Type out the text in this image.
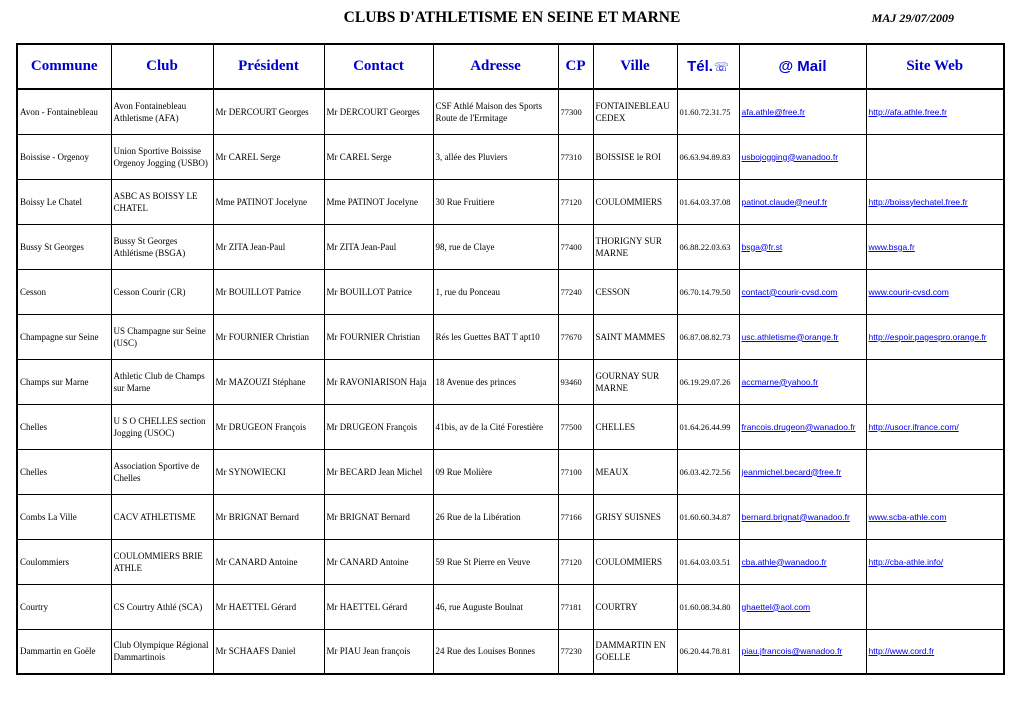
CLUBS D'ATHLETISME EN SEINE ET MARNE	MAJ 29/07/2009
Commune	Club	Président	Contact	Adresse	CP	Ville	Tél.☏	@ Mail	Site Web
Avon - Fontainebleau	Avon Fontainebleau Athletisme (AFA)	Mr DERCOURT Georges	Mr DERCOURT Georges	CSF Athlé Maison des Sports Route de l'Ermitage	77300	FONTAINEBLEAU CEDEX	01.60.72.31.75	afa.athle@free.fr	http://afa.athle.free.fr
Boissise - Orgenoy	Union Sportive Boissise Orgenoy Jogging (USBO)	Mr CAREL Serge	Mr CAREL Serge	3, allée des Pluviers	77310	BOISSISE le ROI	06.63.94.89.83	usbojogging@wanadoo.fr	
Boissy Le Chatel	ASBC AS BOISSY LE CHATEL	Mme PATINOT Jocelyne	Mme PATINOT Jocelyne	30 Rue Fruitiere	77120	COULOMMIERS	01.64.03.37.08	patinot.claude@neuf.fr	http://boissylechatel.free.fr
Bussy St Georges	Bussy St Georges Athlétisme (BSGA)	Mr ZITA Jean-Paul	Mr ZITA Jean-Paul	98, rue de Claye	77400	THORIGNY SUR MARNE	06.88.22.03.63	bsga@fr.st	www.bsga.fr
Cesson	Cesson Courir (CR)	Mr BOUILLOT Patrice	Mr BOUILLOT Patrice	1, rue du Ponceau	77240	CESSON	06.70.14.79.50	contact@courir-cvsd.com	www.courir-cvsd.com
Champagne sur Seine	US Champagne sur Seine (USC)	Mr FOURNIER Christian	Mr FOURNIER Christian	Rés les Guettes BAT T apt10	77670	SAINT MAMMES	06.87.08.82.73	usc.athletisme@orange.fr	http://espoir.pagespro.orange.fr
Champs sur Marne	Athletic Club de Champs sur Marne	Mr MAZOUZI Stéphane	Mr RAVONIARISON Haja	18 Avenue des princes	93460	GOURNAY SUR MARNE	06.19.29.07.26	accmarne@yahoo.fr	
Chelles	U S O CHELLES section Jogging (USOC)	Mr DRUGEON François	Mr DRUGEON François	41bis, av de la Cité Forestière	77500	CHELLES	01.64.26.44.99	francois.drugeon@wanadoo.fr	http://usocr.ifrance.com/
Chelles	Association Sportive de Chelles	Mr SYNOWIECKI	Mr BECARD Jean Michel	09 Rue Molière	77100	MEAUX	06.03.42.72.56	jeanmichel.becard@free.fr	
Combs La Ville	CACV ATHLETISME	Mr BRIGNAT Bernard	Mr BRIGNAT Bernard	26 Rue de la Libération	77166	GRISY SUISNES	01.60.60.34.87	bernard.brignat@wanadoo.fr	www.scba-athle.com
Coulommiers	COULOMMIERS BRIE ATHLE	Mr CANARD Antoine	Mr CANARD Antoine	59 Rue St Pierre en Veuve	77120	COULOMMIERS	01.64.03.03.51	cba.athle@wanadoo.fr	http://cba-athle.info/
Courtry	CS Courtry Athlé (SCA)	Mr HAETTEL Gérard	Mr HAETTEL Gérard	46, rue Auguste Boulnat	77181	COURTRY	01.60.08.34.80	ghaettel@aol.com	
Dammartin en Goële	Club Olympique Régional Dammartinois	Mr SCHAAFS Daniel	Mr PIAU Jean françois	24 Rue des Louises Bonnes	77230	DAMMARTIN EN GOELLE	06.20.44.78.81	piau.jfrancois@wanadoo.fr	http://www.cord.fr
